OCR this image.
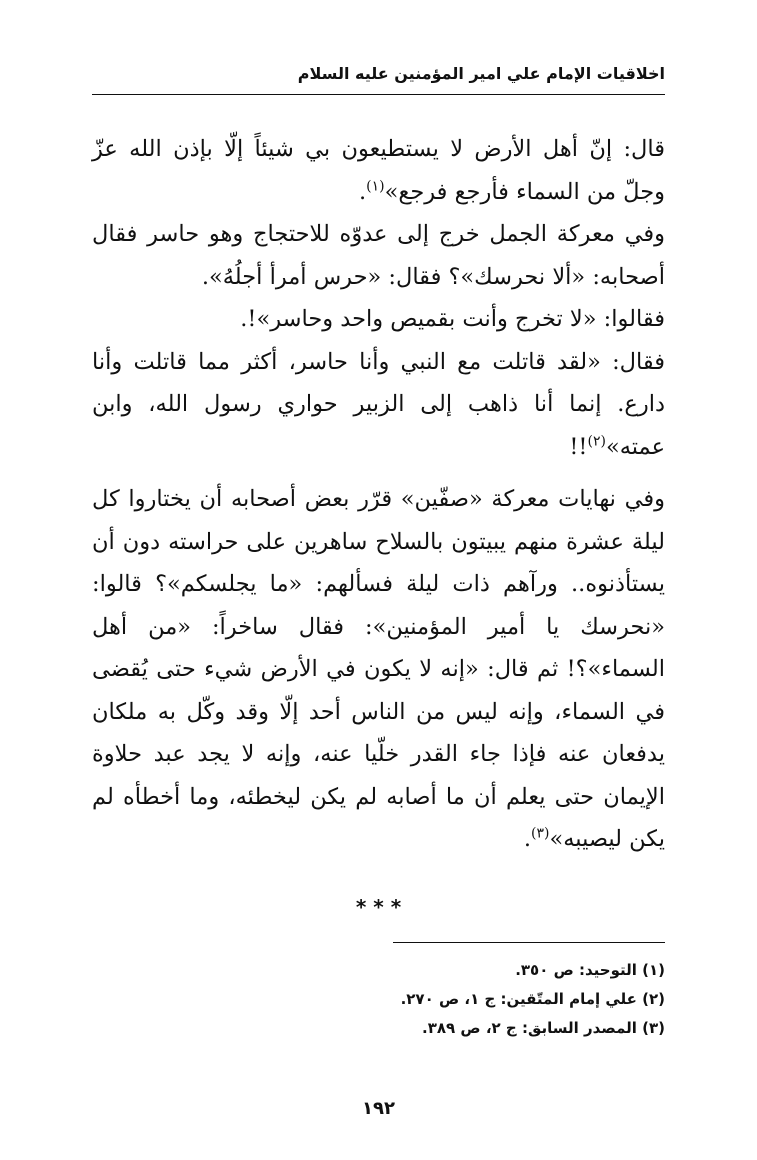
اخلاقيات الإمام علي امير المؤمنين عليه السلام

قال: إنّ أهل الأرض لا يستطيعون بي شيئاً إلّا بإذن الله عزّ وجلّ من السماء فأرجع فرجع»$^{(١)}$.

وفي معركة الجمل خرج إلى عدوّه للاحتجاج وهو حاسر فقال أصحابه: «ألا نحرسك»؟ فقال: «حرس أمرأ أجلُهُ».

فقالوا: «لا تخرج وأنت بقميص واحد وحاسر»!.

فقال: «لقد قاتلت مع النبي وأنا حاسر، أكثر مما قاتلت وأنا دارع. إنما أنا ذاهب إلى الزبير حواري رسول الله، وابن عمته»$^{(٢)}$!!

وفي نهايات معركة «صفّين» قرّر بعض أصحابه أن يختاروا كل ليلة عشرة منهم يبيتون بالسلاح ساهرين على حراسته دون أن يستأذنوه.. ورآهم ذات ليلة فسألهم: «ما يجلسكم»؟ قالوا: «نحرسك يا أمير المؤمنين»: فقال ساخراً: «من أهل السماء»؟! ثم قال: «إنه لا يكون في الأرض شيء حتى يُقضى في السماء، وإنه ليس من الناس أحد إلّا وقد وكّل به ملكان يدفعان عنه فإذا جاء القدر خلّيا عنه، وإنه لا يجد عبد حلاوة الإيمان حتى يعلم أن ما أصابه لم يكن ليخطئه، وما أخطأه لم يكن ليصيبه»$^{(٣)}$.

* * *
(١) التوحيد: ص ٣٥٠.
(٢) علي إمام المتّقين: ج ١، ص ٢٧٠.
(٣) المصدر السابق: ج ٢، ص ٣٨٩.
١٩٢
